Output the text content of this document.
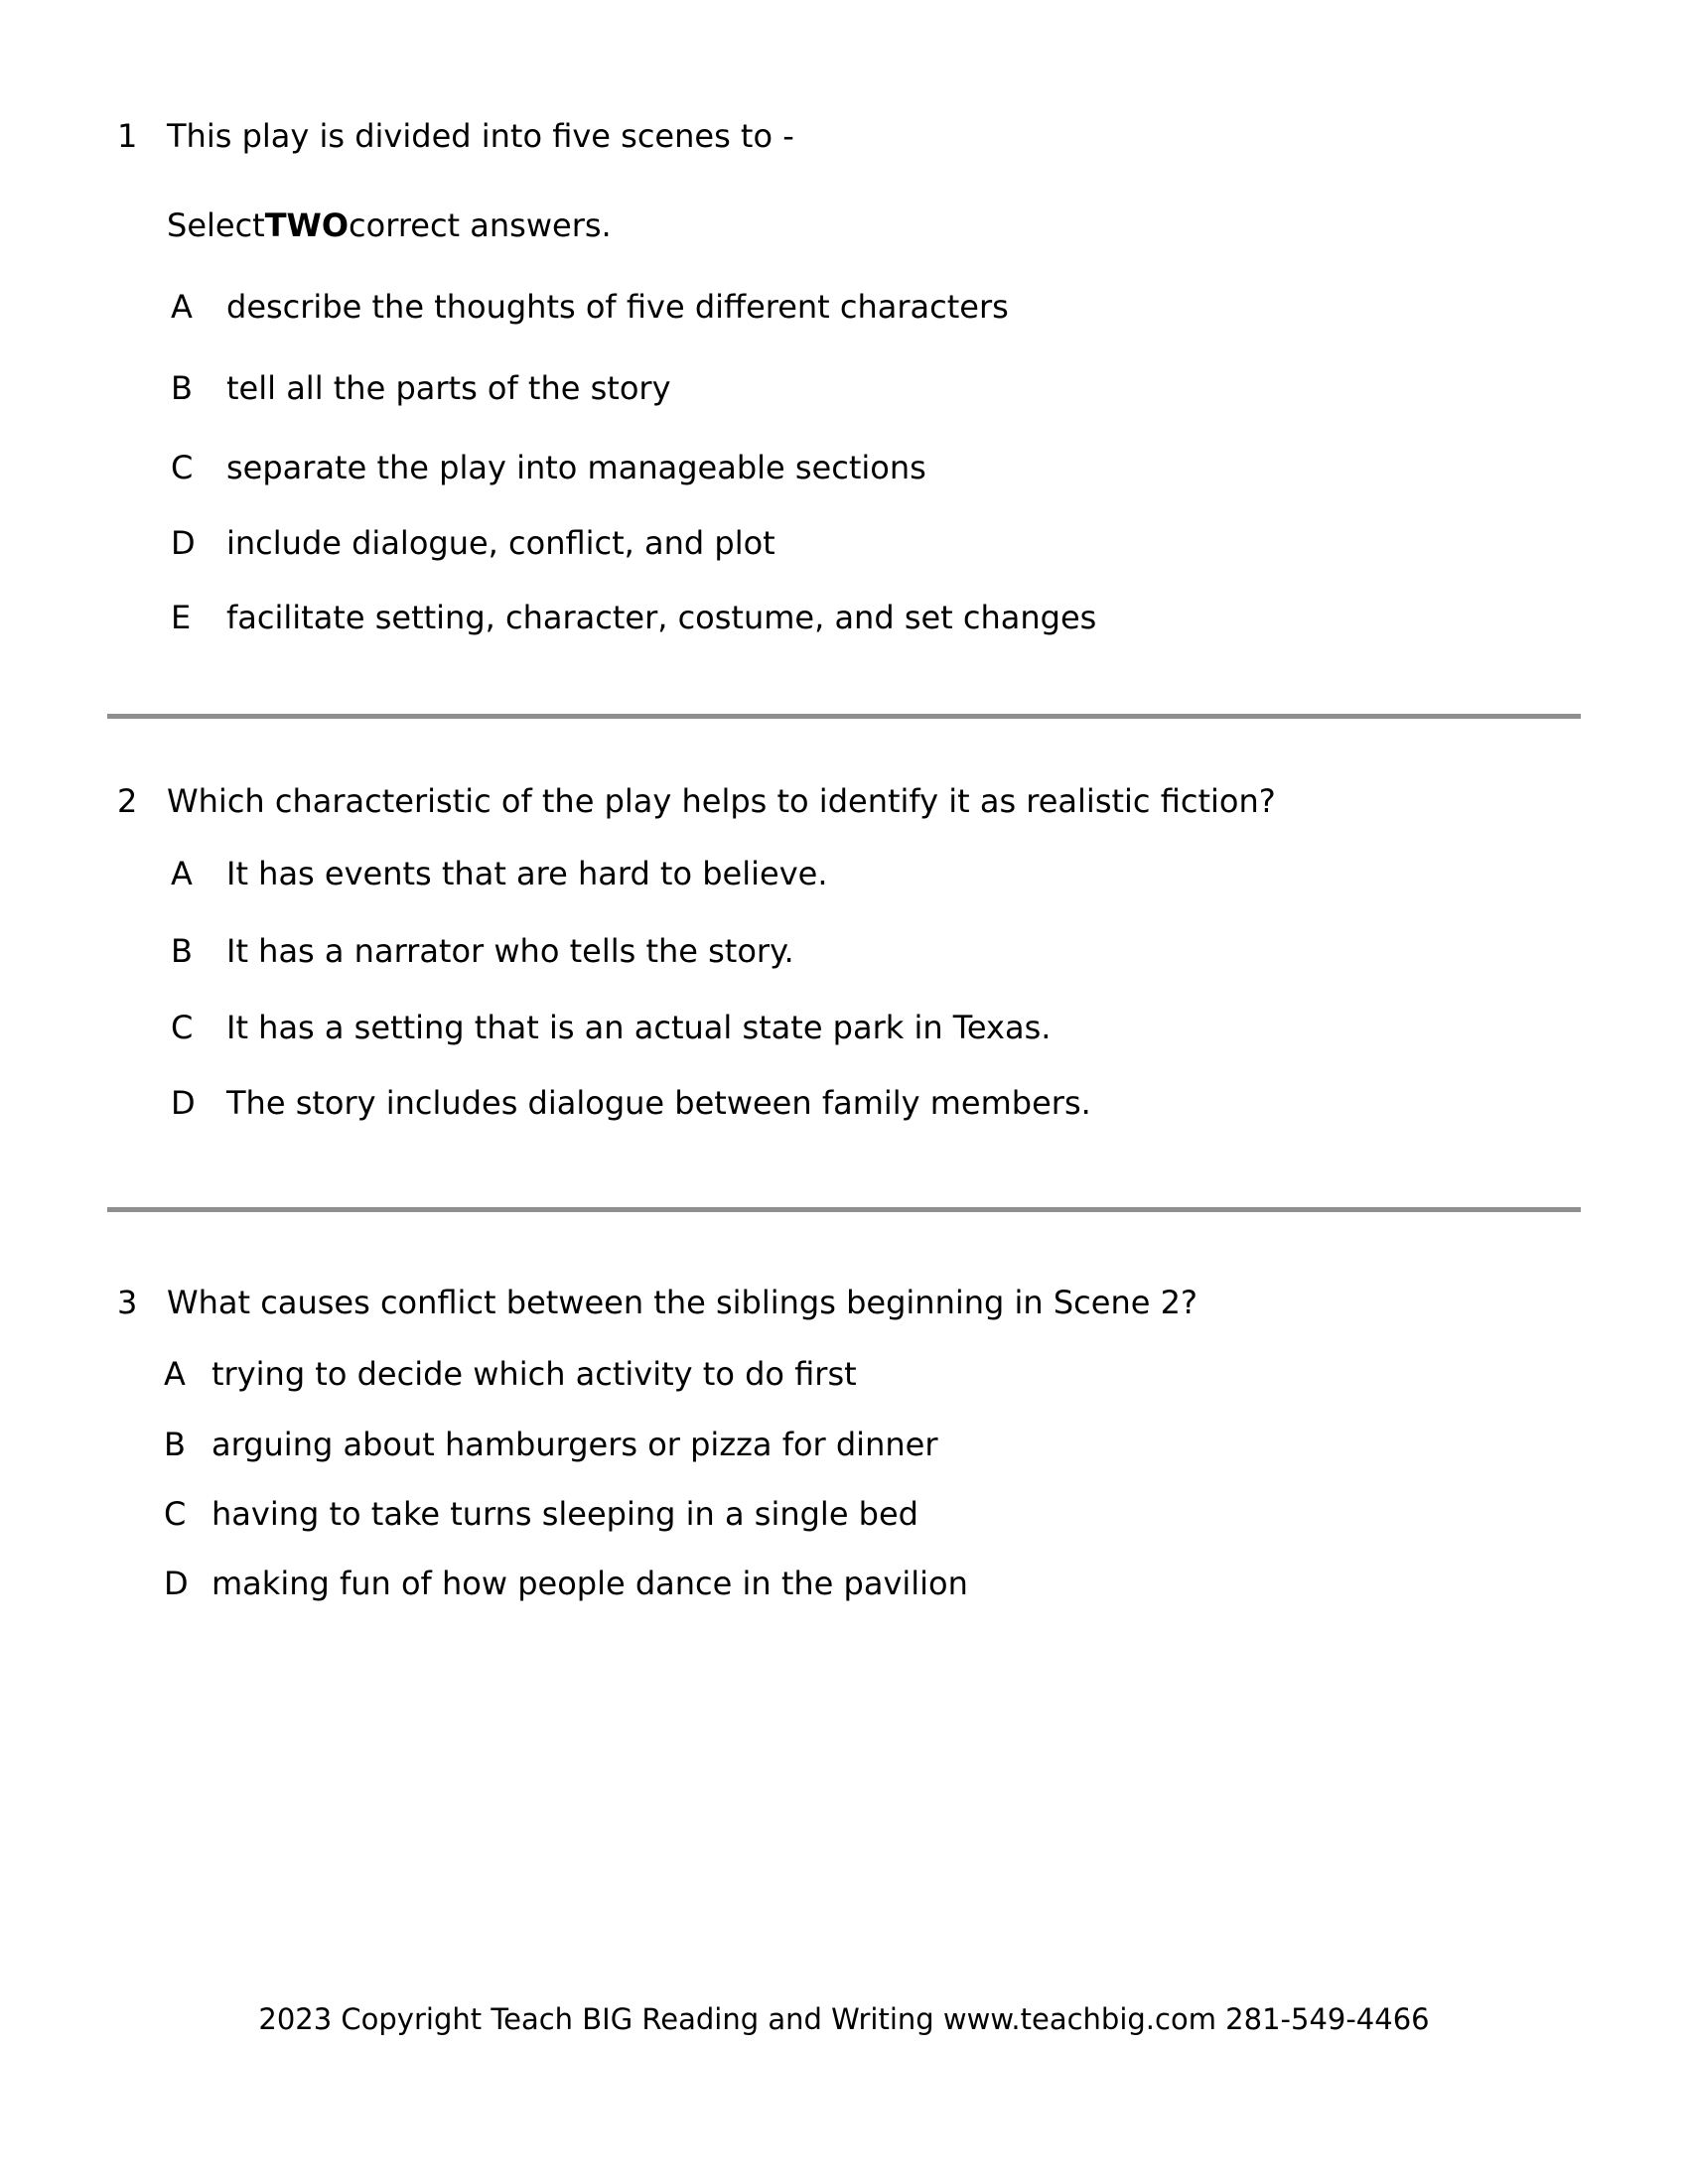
1 This play is divided into five scenes to -
Select TWO correct answers.
A	describe the thoughts of five different characters
B	tell all the parts of the story
C	separate the play into manageable sections
D include dialogue, conflict, and plot
E	facilitate setting, character, costume, and set changes
2 Which characteristic of the play helps to identify it as realistic fiction?
A	It has events that are hard to believe.
B	It has a narrator who tells the story.
C	It has a setting that is an actual state park in Texas.
D The story includes dialogue between family members.
3 What causes conflict between the siblings beginning in Scene 2?
A trying to decide which activity to do first
B arguing about hamburgers or pizza for dinner
C having to take turns sleeping in a single bed
D making fun of how people dance in the pavilion
2023 Copyright Teach BIG Reading and Writing www.teachbig.com 281-549-4466
